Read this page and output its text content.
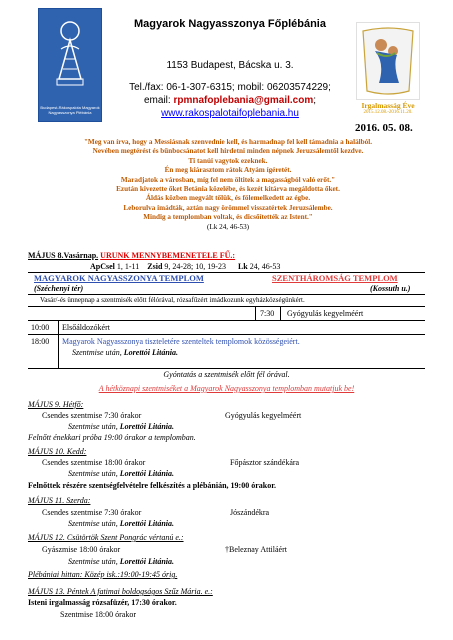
Budapest-Rákospalota Magyarok Nagyasszonya Plébánia
Magyarok Nagyasszonya Főplébánia
1153 Budapest, Bácska u. 3.
Tel./fax: 06-1-307-6315; mobil: 06203574229;
email: rpmnafoplebania@gmail.com;
www.rakospalotaifoplebania.hu
Irgalmasság Éve
2015.12.08.-2016.11.20.
2016. 05. 08.
"Meg van írva, hogy a Messiásnak szenvednie kell, és harmadnap fel kell támadnia a halálból.
Nevében megtérést és bűnbocsánatot kell hirdetni minden népnek Jeruzsálemtől kezdve.
Ti tanúi vagytok ezeknek.
Én meg kiárasztom rátok Atyám ígéretét.
Maradjatok a városban, míg fel nem öltitek a magasságból való erőt."
Ezután kivezette őket Betánia közelébe, és kezét kitárva megáldotta őket.
Áldás közben megvált tőlük, és fölemelkedett az égbe.
Leborulva imádták, aztán nagy örömmel visszatértek Jeruzsálembe.
Mindig a templomban voltak, és dicsőítették az Istent."
(Lk 24, 46-53)
MÁJUS 8.Vasárnap. URUNK MENNYBEMENETELE FŰ.:
ApCsel 1, 1-11 Zsid 9, 24-28; 10, 19-23 Lk 24, 46-53
MAGYAROK NAGYASSZONYA TEMPLOM	SZENTHÁROMSÁG TEMPLOM
(Széchenyi tér)	(Kossuth u.)
Vasár/-és ünnepnap a szentmisék előtt félórával, rózsafűzért imádkozunk egyházközségünkért.
7:30 Gyógyulás kegyelméért
10:00 Elsőáldozókért
18:00 Magyarok Nagyasszonya tiszteletére szenteltek templomok közösségeiért.
Szentmise után, Lorettói Litánia.
Gyóntatás a szentmisék előtt fél órával.
A hétköznapi szentmiséket a Magyarok Nagyasszonya templomban mutatjuk be!
MÁJUS 9. Hétfő:
Csendes szentmise 7:30 órakor	Gyógyulás kegyelméért
Szentmise után, Lorettói Litánia.
Felnőtt énekkari próba 19:00 órakor a templomban.
MÁJUS 10. Kedd:
Csendes szentmise 18:00 órakor	Főpásztor szándékára
Szentmise után, Lorettói Litánia.
Felnőttek részére szentségfelvételre felkészítés a plébánián, 19:00 órakor.
MÁJUS 11. Szerda:
Csendes szentmise 7:30 órakor	Jószándékra
Szentmise után, Lorettói Litánia.
MÁJUS 12. Csütörtök Szent Pongrác vértanú e.:
Gyászmise 18:00 órakor	†Beleznay Attiláért
Szentmise után, Lorettói Litánia.
Plébániai hittan: Közép isk.:19:00-19:45 órig.
MÁJUS 13. Péntek A fatimai boldogságos Szűz Mária. e.:
Isteni irgalmasság rózsafüzér, 17:30 órakor.
Szentmise 18:00 órakor
